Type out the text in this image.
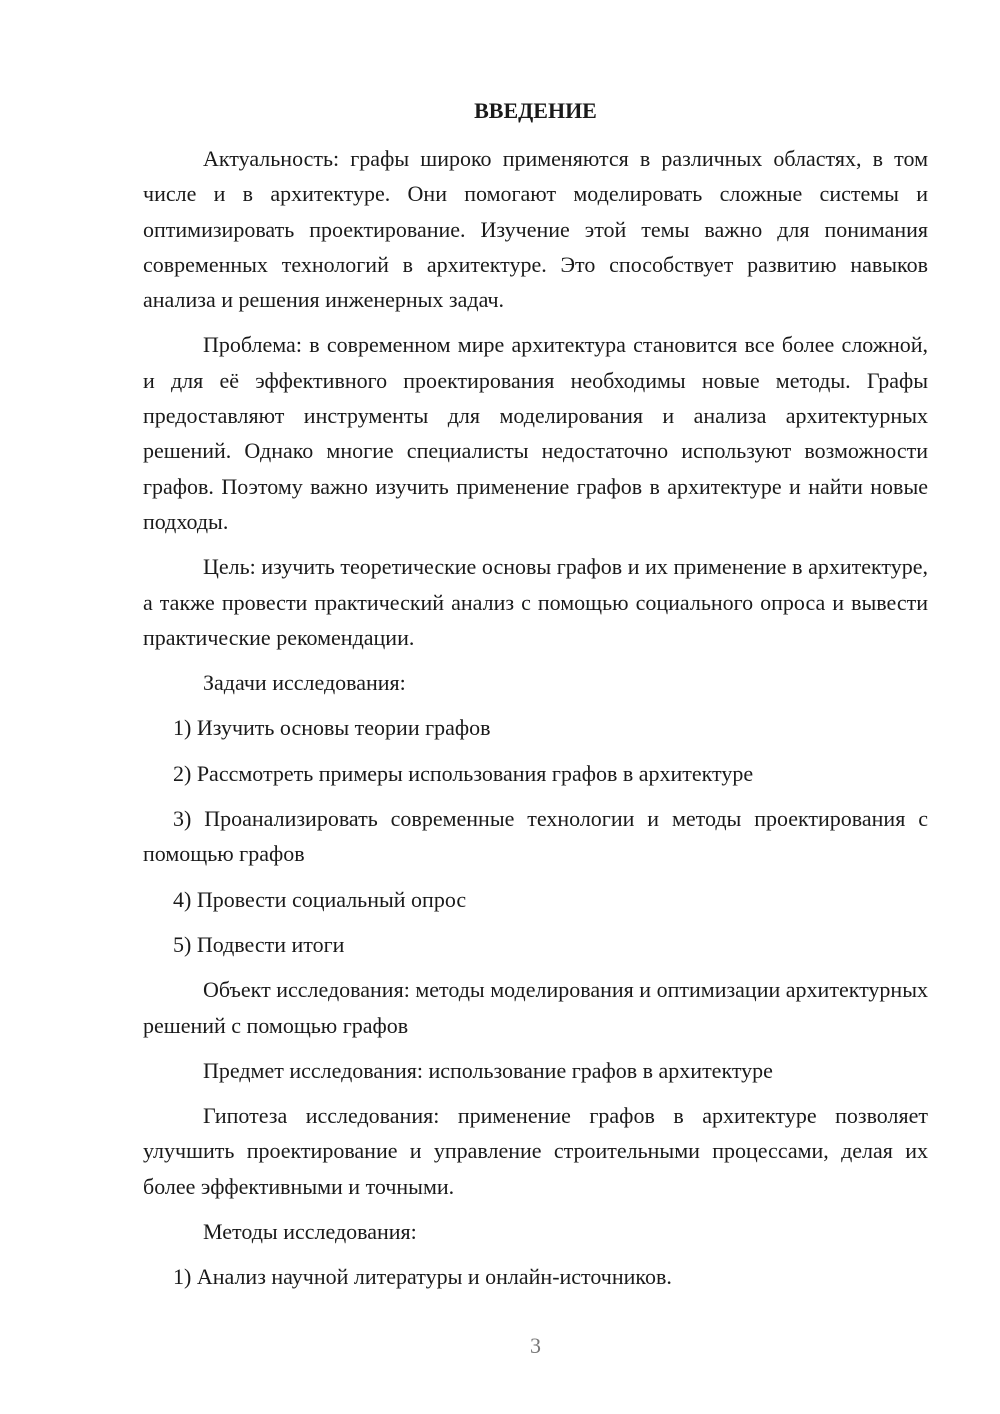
ВВЕДЕНИЕ

Актуальность: графы широко применяются в различных областях, в том числе и в архитектуре. Они помогают моделировать сложные системы и оптимизировать проектирование. Изучение этой темы важно для понимания современных технологий в архитектуре. Это способствует развитию навыков анализа и решения инженерных задач.

Проблема: в современном мире архитектура становится все более сложной, и для её эффективного проектирования необходимы новые методы. Графы предоставляют инструменты для моделирования и анализа архитектурных решений. Однако многие специалисты недостаточно используют возможности графов. Поэтому важно изучить применение графов в архитектуре и найти новые подходы.

Цель: изучить теоретические основы графов и их применение в архитектуре, а также провести практический анализ с помощью социального опроса и вывести практические рекомендации.

Задачи исследования:

1) Изучить основы теории графов

2) Рассмотреть примеры использования графов в архитектуре

3) Проанализировать современные технологии и методы проектирования с помощью графов

4) Провести социальный опрос

5) Подвести итоги

Объект исследования: методы моделирования и оптимизации архитектурных решений с помощью графов

Предмет исследования: использование графов в архитектуре

Гипотеза исследования: применение графов в архитектуре позволяет улучшить проектирование и управление строительными процессами, делая их более эффективными и точными.

Методы исследования:

1) Анализ научной литературы и онлайн-источников.

3
